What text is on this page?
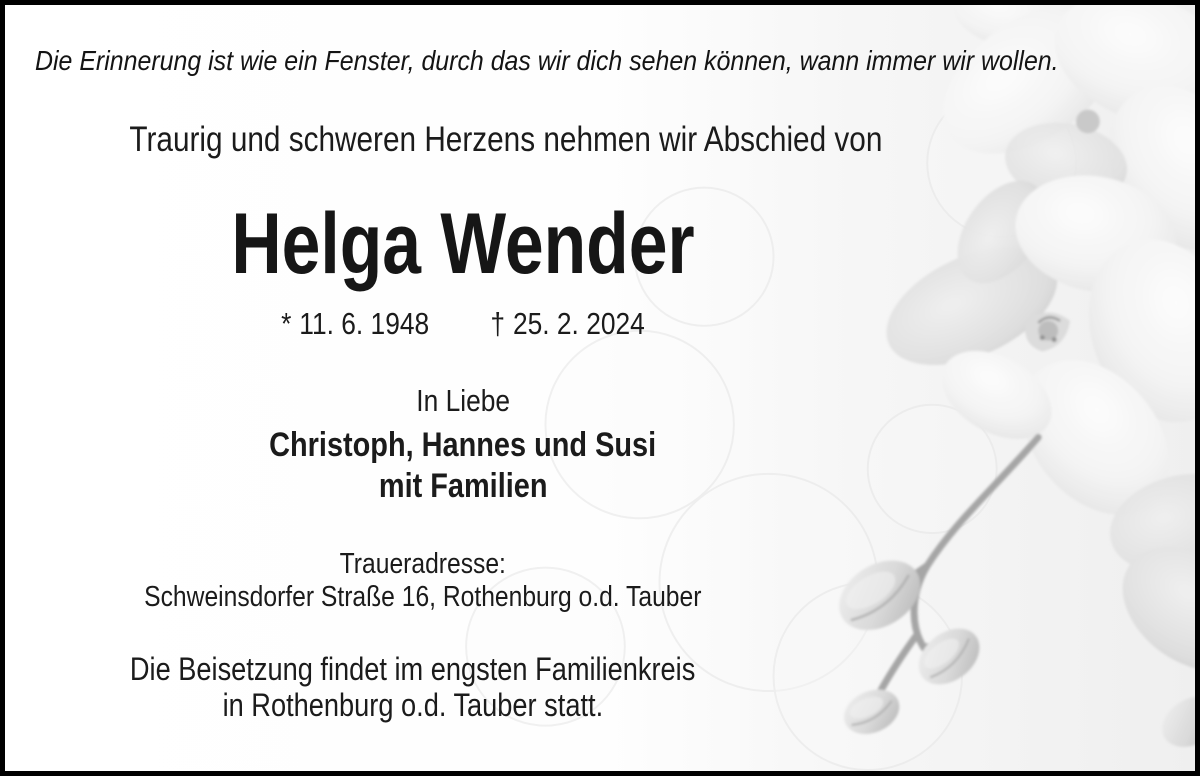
Die Erinnerung ist wie ein Fenster, durch das wir dich sehen können, wann immer wir wollen.
Traurig und schweren Herzens nehmen wir Abschied von
Helga Wender
* 11. 6. 1948 † 25. 2. 2024
In Liebe
Christoph, Hannes und Susi
mit Familien
Traueradresse:
Schweinsdorfer Straße 16, Rothenburg o.d. Tauber
Die Beisetzung findet im engsten Familienkreis
in Rothenburg o.d. Tauber statt.
